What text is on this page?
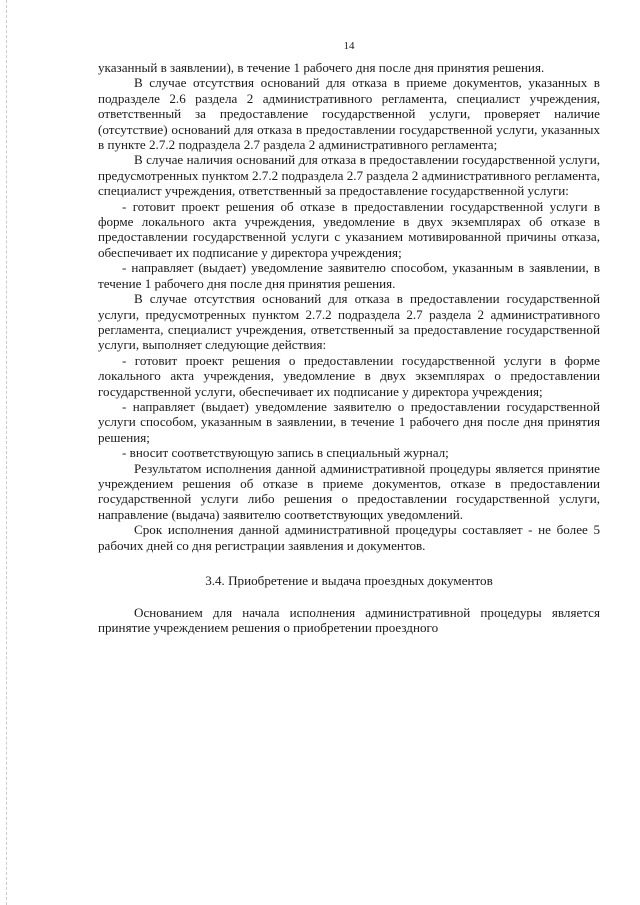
14

указанный в заявлении), в течение 1 рабочего дня после дня принятия решения.

В случае отсутствия оснований для отказа в приеме документов, указанных в подразделе 2.6 раздела 2 административного регламента, специалист учреждения, ответственный за предоставление государственной услуги, проверяет наличие (отсутствие) оснований для отказа в предоставлении государственной услуги, указанных в пункте 2.7.2 подраздела 2.7 раздела 2 административного регламента;

В случае наличия оснований для отказа в предоставлении государственной услуги, предусмотренных пунктом 2.7.2 подраздела 2.7 раздела 2 административного регламента, специалист учреждения, ответственный за предоставление государственной услуги:

- готовит проект решения об отказе в предоставлении государственной услуги в форме локального акта учреждения, уведомление в двух экземплярах об отказе в предоставлении государственной услуги с указанием мотивированной причины отказа, обеспечивает их подписание у директора учреждения;

- направляет (выдает) уведомление заявителю способом, указанным в заявлении, в течение 1 рабочего дня после дня принятия решения.

В случае отсутствия оснований для отказа в предоставлении государственной услуги, предусмотренных пунктом 2.7.2 подраздела 2.7 раздела 2 административного регламента, специалист учреждения, ответственный за предоставление государственной услуги, выполняет следующие действия:

- готовит проект решения о предоставлении государственной услуги в форме локального акта учреждения, уведомление в двух экземплярах о предоставлении государственной услуги, обеспечивает их подписание у директора учреждения;

- направляет (выдает) уведомление заявителю о предоставлении государственной услуги способом, указанным в заявлении, в течение 1 рабочего дня после дня принятия решения;

- вносит соответствующую запись в специальный журнал;

Результатом исполнения данной административной процедуры является принятие учреждением решения об отказе в приеме документов, отказе в предоставлении государственной услуги либо решения о предоставлении государственной услуги, направление (выдача) заявителю соответствующих уведомлений.

Срок исполнения данной административной процедуры составляет - не более 5 рабочих дней со дня регистрации заявления и документов.

3.4. Приобретение и выдача проездных документов

Основанием для начала исполнения административной процедуры является принятие учреждением решения о приобретении проездного
